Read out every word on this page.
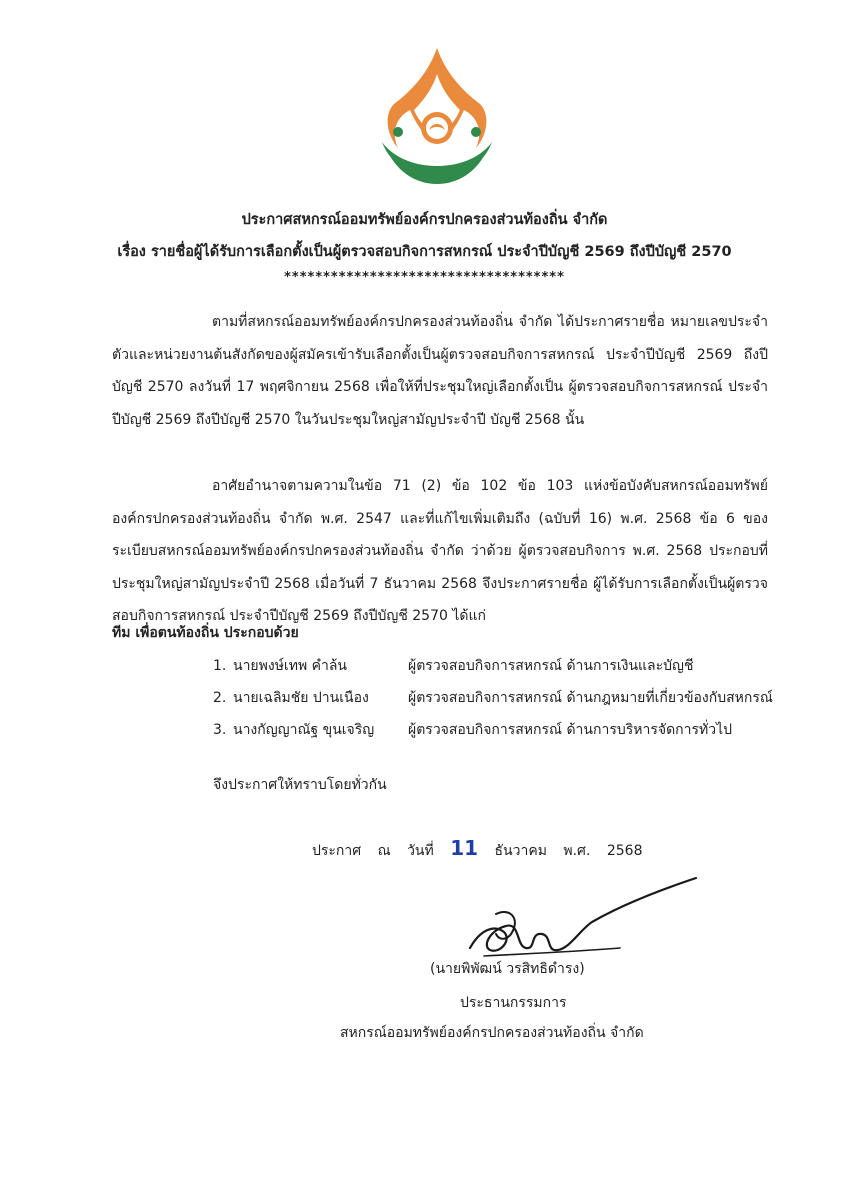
ประกาศสหกรณ์ออมทรัพย์องค์กรปกครองส่วนท้องถิ่น จำกัด
เรื่อง รายชื่อผู้ได้รับการเลือกตั้งเป็นผู้ตรวจสอบกิจการสหกรณ์ ประจำปีบัญชี 2569 ถึงปีบัญชี 2570
************************************
ตามที่สหกรณ์ออมทรัพย์องค์กรปกครองส่วนท้องถิ่น จำกัด ได้ประกาศรายชื่อ หมายเลขประจำตัวและหน่วยงานต้นสังกัดของผู้สมัครเข้ารับเลือกตั้งเป็นผู้ตรวจสอบกิจการสหกรณ์ ประจำปีบัญชี 2569 ถึงปีบัญชี 2570 ลงวันที่ 17 พฤศจิกายน 2568 เพื่อให้ที่ประชุมใหญ่เลือกตั้งเป็น ผู้ตรวจสอบกิจการสหกรณ์ ประจำปีบัญชี 2569 ถึงปีบัญชี 2570 ในวันประชุมใหญ่สามัญประจำปี บัญชี 2568 นั้น
อาศัยอำนาจตามความในข้อ 71 (2) ข้อ 102 ข้อ 103 แห่งข้อบังคับสหกรณ์ออมทรัพย์ องค์กรปกครองส่วนท้องถิ่น จำกัด พ.ศ. 2547 และที่แก้ไขเพิ่มเติมถึง (ฉบับที่ 16) พ.ศ. 2568 ข้อ 6 ของระเบียบสหกรณ์ออมทรัพย์องค์กรปกครองส่วนท้องถิ่น จำกัด ว่าด้วย ผู้ตรวจสอบกิจการ พ.ศ. 2568 ประกอบที่ประชุมใหญ่สามัญประจำปี 2568 เมื่อวันที่ 7 ธันวาคม 2568 จึงประกาศรายชื่อ ผู้ได้รับการเลือกตั้งเป็นผู้ตรวจสอบกิจการสหกรณ์ ประจำปีบัญชี 2569 ถึงปีบัญชี 2570 ได้แก่
ทีม เพื่อตนท้องถิ่น ประกอบด้วย
1. นายพงษ์เทพ คำล้น	ผู้ตรวจสอบกิจการสหกรณ์ ด้านการเงินและบัญชี
2. นายเฉลิมชัย ปานเนือง	ผู้ตรวจสอบกิจการสหกรณ์ ด้านกฎหมายที่เกี่ยวข้องกับสหกรณ์
3. นางกัญญาณัฐ ขุนเจริญ ผู้ตรวจสอบกิจการสหกรณ์ ด้านการบริหารจัดการทั่วไป
จึงประกาศให้ทราบโดยทั่วกัน
ประกาศ ณ วันที่ 11 ธันวาคม พ.ศ. 2568
(นายพิพัฒน์ วรสิทธิดำรง)
ประธานกรรมการ
สหกรณ์ออมทรัพย์องค์กรปกครองส่วนท้องถิ่น จำกัด
